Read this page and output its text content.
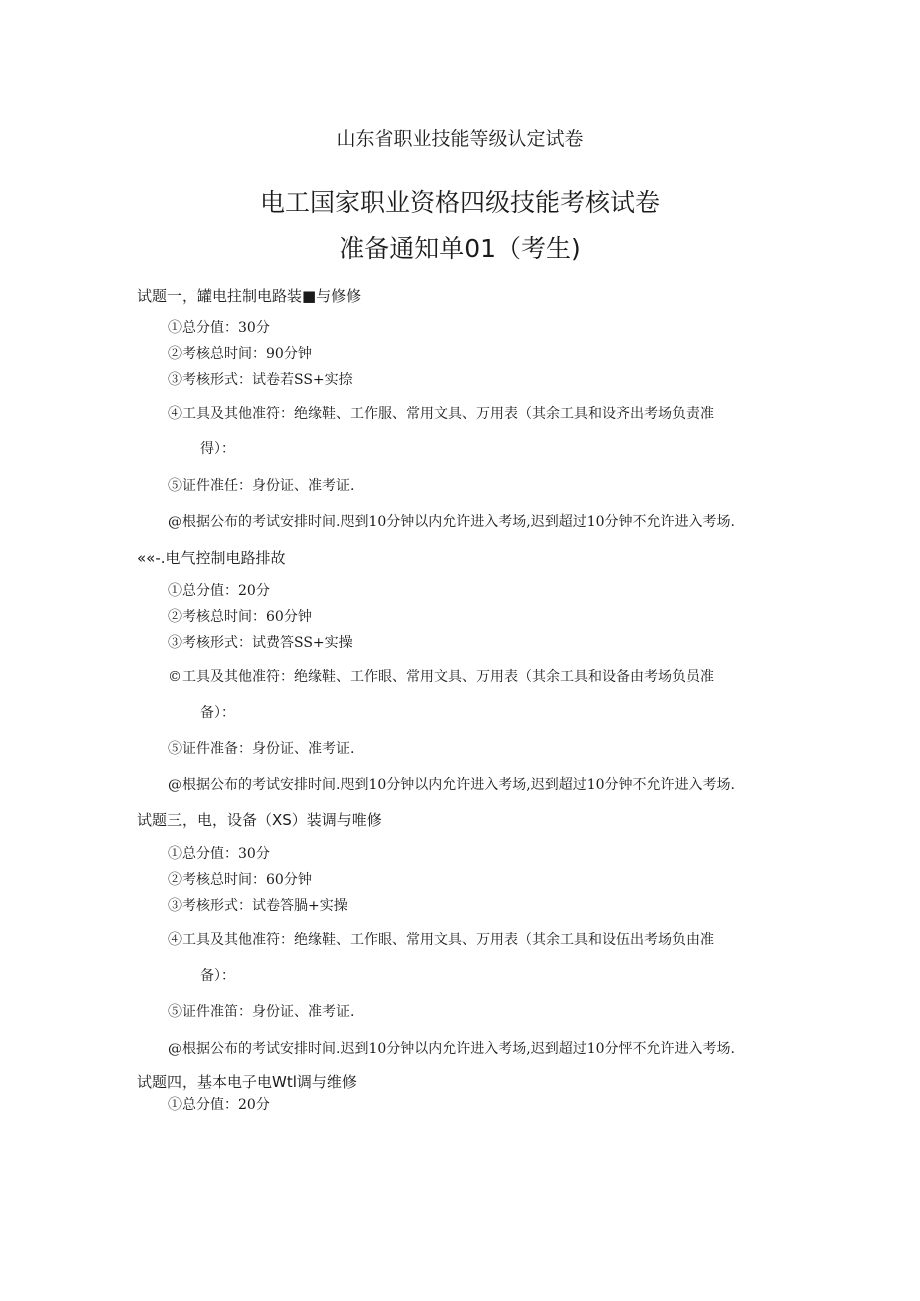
山东省职业技能等级认定试卷
电工国家职业资格四级技能考核试卷
准备通知单01（考生)
试题一，罐电拄制电路装■与修修
①总分值：30分
②考核总时间：90分钟
③考核形式：试卷若SS+实捺
④工具及其他准符：绝缘鞋、工作服、常用文具、万用表（其余工具和设齐出考场负责准
得）：
⑤证件准任：身份证、准考证.
@根据公布的考试安排时间.咫到10分钟以内允许进入考场,迟到超过10分钟不允许进入考场.
««-.电气控制电路排故
①总分值：20分
②考核总时间：60分钟
③考核形式：试费答SS+实操
©工具及其他准符：绝缘鞋、工作眼、常用文具、万用表（其余工具和设备由考场负员准
备）：
⑤证件准备：身份证、准考证.
@根据公布的考试安排时间.咫到10分钟以内允许进入考场,迟到超过10分钟不允许进入考场.
试题三，电，设备（XS）装调与唯修
①总分值：30分
②考核总时间：60分钟
③考核形式：试卷答腡+实操
④工具及其他准符：绝缘鞋、工作眼、常用文具、万用表（其余工具和设伍出考场负由准
备）：
⑤证件准笛：身份证、准考证.
@根据公布的考试安排时间.迟到10分钟以内允许进入考场,迟到超过10分怦不允许进入考场.
试题四，基本电子电Wtl调与维修
①总分值：20分
